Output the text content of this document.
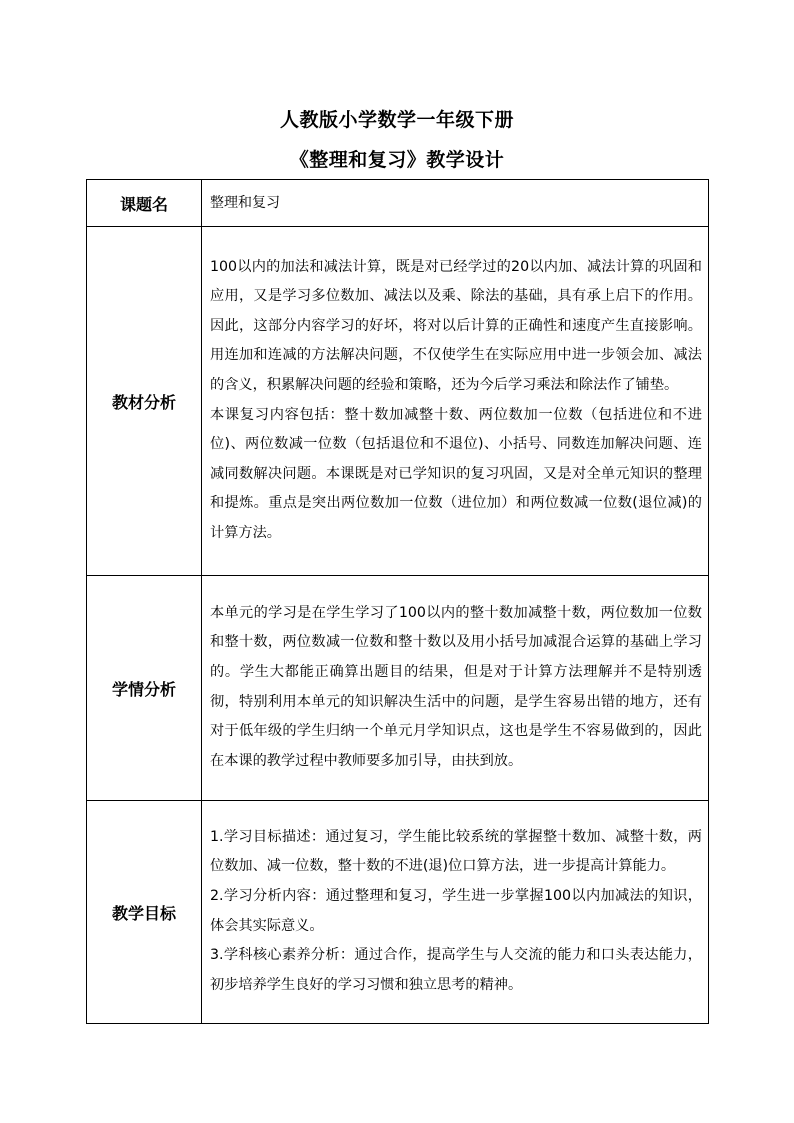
人教版小学数学一年级下册
《整理和复习》教学设计
课题名	整理和复习

教材分析	100以内的加法和减法计算，既是对已经学过的20以内加、减法计算的巩固和应用，又是学习多位数加、减法以及乘、除法的基础，具有承上启下的作用。因此，这部分内容学习的好坏，将对以后计算的正确性和速度产生直接影响。用连加和连减的方法解决问题，不仅使学生在实际应用中进一步领会加、减法的含义，积累解决问题的经验和策略，还为今后学习乘法和除法作了铺垫。

本课复习内容包括：整十数加减整十数、两位数加一位数（包括进位和不进位)、两位数减一位数（包括退位和不退位)、小括号、同数连加解决问题、连减同数解决问题。本课既是对已学知识的复习巩固，又是对全单元知识的整理和提炼。重点是突出两位数加一位数（进位加）和两位数减一位数(退位减)的计算方法。

学情分析	本单元的学习是在学生学习了100以内的整十数加减整十数，两位数加一位数和整十数，两位数减一位数和整十数以及用小括号加减混合运算的基础上学习的。学生大都能正确算出题目的结果，但是对于计算方法理解并不是特别透彻，特别利用本单元的知识解决生活中的问题，是学生容易出错的地方，还有对于低年级的学生归纳一个单元月学知识点，这也是学生不容易做到的，因此在本课的教学过程中教师要多加引导，由扶到放。

教学目标	1.学习目标描述：通过复习，学生能比较系统的掌握整十数加、减整十数，两位数加、减一位数，整十数的不进(退)位口算方法，进一步提高计算能力。

2.学习分析内容：通过整理和复习，学生进一步掌握100以内加减法的知识，体会其实际意义。

3.学科核心素养分析：通过合作，提高学生与人交流的能力和口头表达能力，初步培养学生良好的学习习惯和独立思考的精神。
